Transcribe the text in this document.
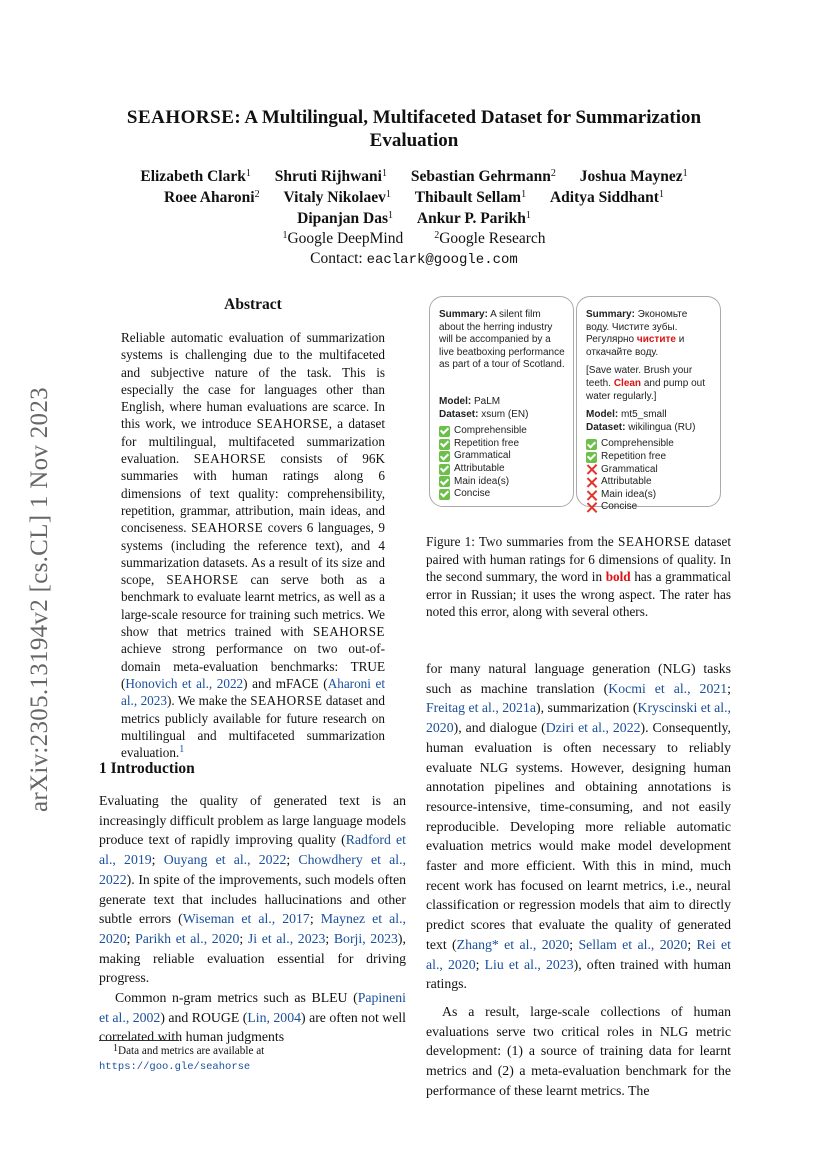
arXiv:2305.13194v2 [cs.CL] 1 Nov 2023
SEAHORSE: A Multilingual, Multifaceted Dataset for Summarization
Evaluation
Elizabeth Clark$^1$ Shruti Rijhwani$^1$ Sebastian Gehrmann$^2$ Joshua Maynez$^1$
Roee Aharoni$^2$ Vitaly Nikolaev$^1$ Thibault Sellam$^1$ Aditya Siddhant$^1$
Dipanjan Das$^1$ Ankur P. Parikh$^1$
$^1$Google DeepMind	$^2$Google Research
Contact: eaclark@google.com
Abstract
Reliable automatic evaluation of summarization systems is challenging due to the multifaceted and subjective nature of the task. This is especially the case for languages other than English, where human evaluations are scarce. In this work, we introduce SEAHORSE, a dataset for multilingual, multifaceted summarization evaluation. SEAHORSE consists of 96K summaries with human ratings along 6 dimensions of text quality: comprehensibility, repetition, grammar, attribution, main ideas, and conciseness. SEAHORSE covers 6 languages, 9 systems (including the reference text), and 4 summarization datasets. As a result of its size and scope, SEAHORSE can serve both as a benchmark to evaluate learnt metrics, as well as a large-scale resource for training such metrics. We show that metrics trained with SEAHORSE achieve strong performance on two out-of-domain meta-evaluation benchmarks: TRUE (Honovich et al., 2022) and mFACE (Aharoni et al., 2023). We make the SEAHORSE dataset and metrics publicly available for future research on multilingual and multifaceted summarization evaluation.$^1$
Summary: A silent film about the herring industry will be accompanied by a live beatboxing performance as part of a tour of Scotland.
Model: PaLM
Dataset: xsum (EN)
Comprehensible
Repetition free
Grammatical
Attributable
Main idea(s)
Concise
Summary: Экономьте воду. Чистите зубы. Регулярно чистите и откачайте воду.
[Save water. Brush your teeth. Clean and pump out water regularly.]
Model: mt5_small
Dataset: wikilingua (RU)
Comprehensible
Repetition free
Grammatical
Attributable
Main idea(s)
Concise
Figure 1: Two summaries from the SEAHORSE dataset paired with human ratings for 6 dimensions of quality. In the second summary, the word in bold has a grammatical error in Russian; it uses the wrong aspect. The rater has noted this error, along with several others.
1 Introduction

Evaluating the quality of generated text is an increasingly difficult problem as large language models produce text of rapidly improving quality (Radford et al., 2019; Ouyang et al., 2022; Chowdhery et al., 2022). In spite of the improvements, such models often generate text that includes hallucinations and other subtle errors (Wiseman et al., 2017; Maynez et al., 2020; Parikh et al., 2020; Ji et al., 2023; Borji, 2023), making reliable evaluation essential for driving progress.

Common n-gram metrics such as BLEU (Papineni et al., 2002) and ROUGE (Lin, 2004) are often not well correlated with human judgments

$^1$Data and metrics are available at https://goo.gle/seahorse

for many natural language generation (NLG) tasks such as machine translation (Kocmi et al., 2021; Freitag et al., 2021a), summarization (Kryscinski et al., 2020), and dialogue (Dziri et al., 2022). Consequently, human evaluation is often necessary to reliably evaluate NLG systems. However, designing human annotation pipelines and obtaining annotations is resource-intensive, time-consuming, and not easily reproducible. Developing more reliable automatic evaluation metrics would make model development faster and more efficient. With this in mind, much recent work has focused on learnt metrics, i.e., neural classification or regression models that aim to directly predict scores that evaluate the quality of generated text (Zhang* et al., 2020; Sellam et al., 2020; Rei et al., 2020; Liu et al., 2023), often trained with human ratings.

As a result, large-scale collections of human evaluations serve two critical roles in NLG metric development: (1) a source of training data for learnt metrics and (2) a meta-evaluation benchmark for the performance of these learnt metrics. The
